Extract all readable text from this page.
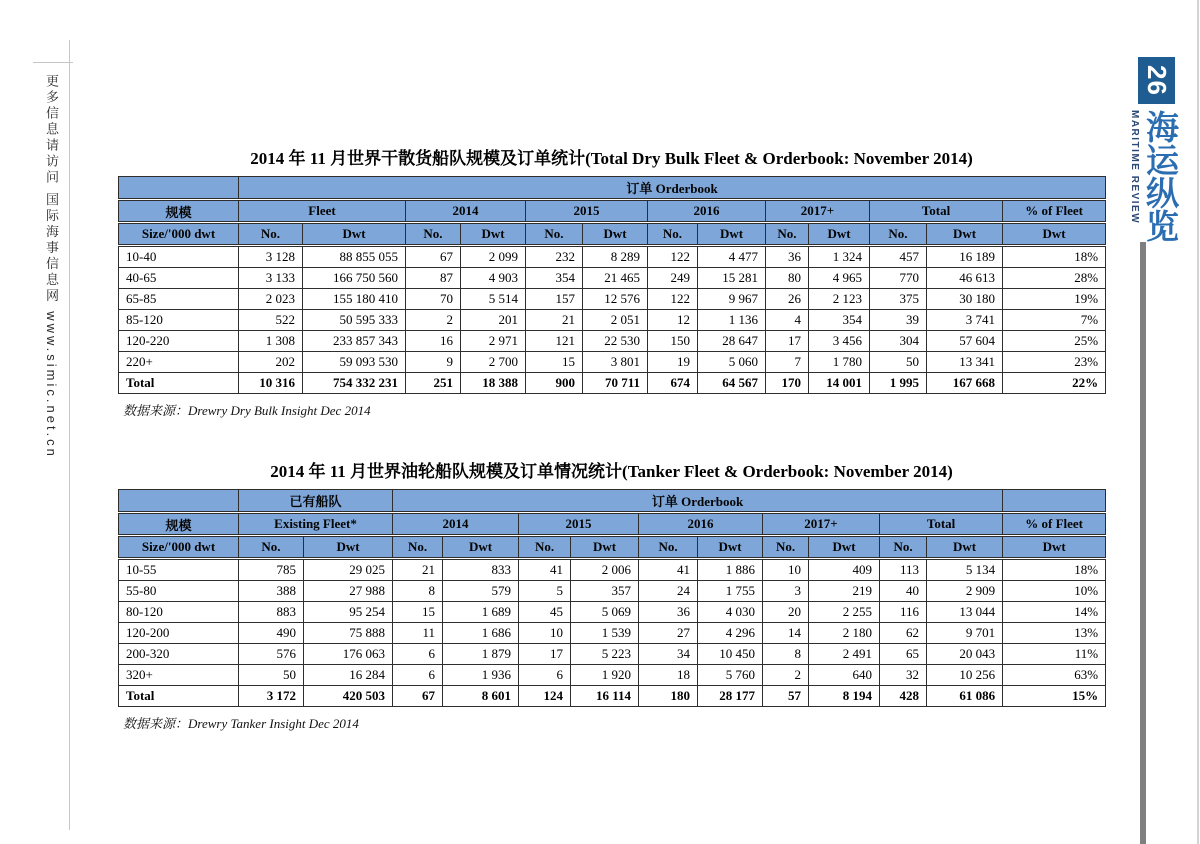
更多信息请访问 国际海事信息网 www.simic.net.cn	26
MARITIME REVIEW 海运纵览
2014 年 11 月世界干散货船队规模及订单统计(Total Dry Bulk Fleet & Orderbook: November 2014)
	订单 Orderbook												

规模	Fleet		2014		2015		2016		2017+		Total		% of Fleet

Size/'000 dwt	No.	Dwt	No.	Dwt	No.	Dwt	No.	Dwt	No.	Dwt	No.	Dwt	Dwt

10-40	3 128	88 855 055	67	2 099	232	8 289	122	4 477	36	1 324	457	16 189	18%
40-65	3 133	166 750 560	87	4 903	354	21 465	249	15 281	80	4 965	770	46 613	28%
65-85	2 023	155 180 410	70	5 514	157	12 576	122	9 967	26	2 123	375	30 180	19%
85-120	522	50 595 333	2	201	21	2 051	12	1 136	4	354	39	3 741	7%
120-220	1 308	233 857 343	16	2 971	121	22 530	150	28 647	17	3 456	304	57 604	25%
220+	202	59 093 530	9	2 700	15	3 801	19	5 060	7	1 780	50	13 341	23%
Total	10 316	754 332 231	251	18 388	900	70 711	674	64 567	170	14 001	1 995	167 668	22%

数据来源：Drewry Dry Bulk Insight Dec 2014

2014 年 11 月世界油轮船队规模及订单情况统计(Tanker Fleet & Orderbook: November 2014)
	已有船队		订单 Orderbook										

规模	Existing Fleet*		2014		2015		2016		2017+		Total		% of Fleet

Size/'000 dwt	No.	Dwt	No.	Dwt	No.	Dwt	No.	Dwt	No.	Dwt	No.	Dwt	Dwt

10-55	785	29 025	21	833	41	2 006	41	1 886	10	409	113	5 134	18%
55-80	388	27 988	8	579	5	357	24	1 755	3	219	40	2 909	10%
80-120	883	95 254	15	1 689	45	5 069	36	4 030	20	2 255	116	13 044	14%
120-200	490	75 888	11	1 686	10	1 539	27	4 296	14	2 180	62	9 701	13%
200-320	576	176 063	6	1 879	17	5 223	34	10 450	8	2 491	65	20 043	11%
320+	50	16 284	6	1 936	6	1 920	18	5 760	2	640	32	10 256	63%
Total	3 172	420 503	67	8 601	124	16 114	180	28 177	57	8 194	428	61 086	15%

数据来源：Drewry Tanker Insight Dec 2014
